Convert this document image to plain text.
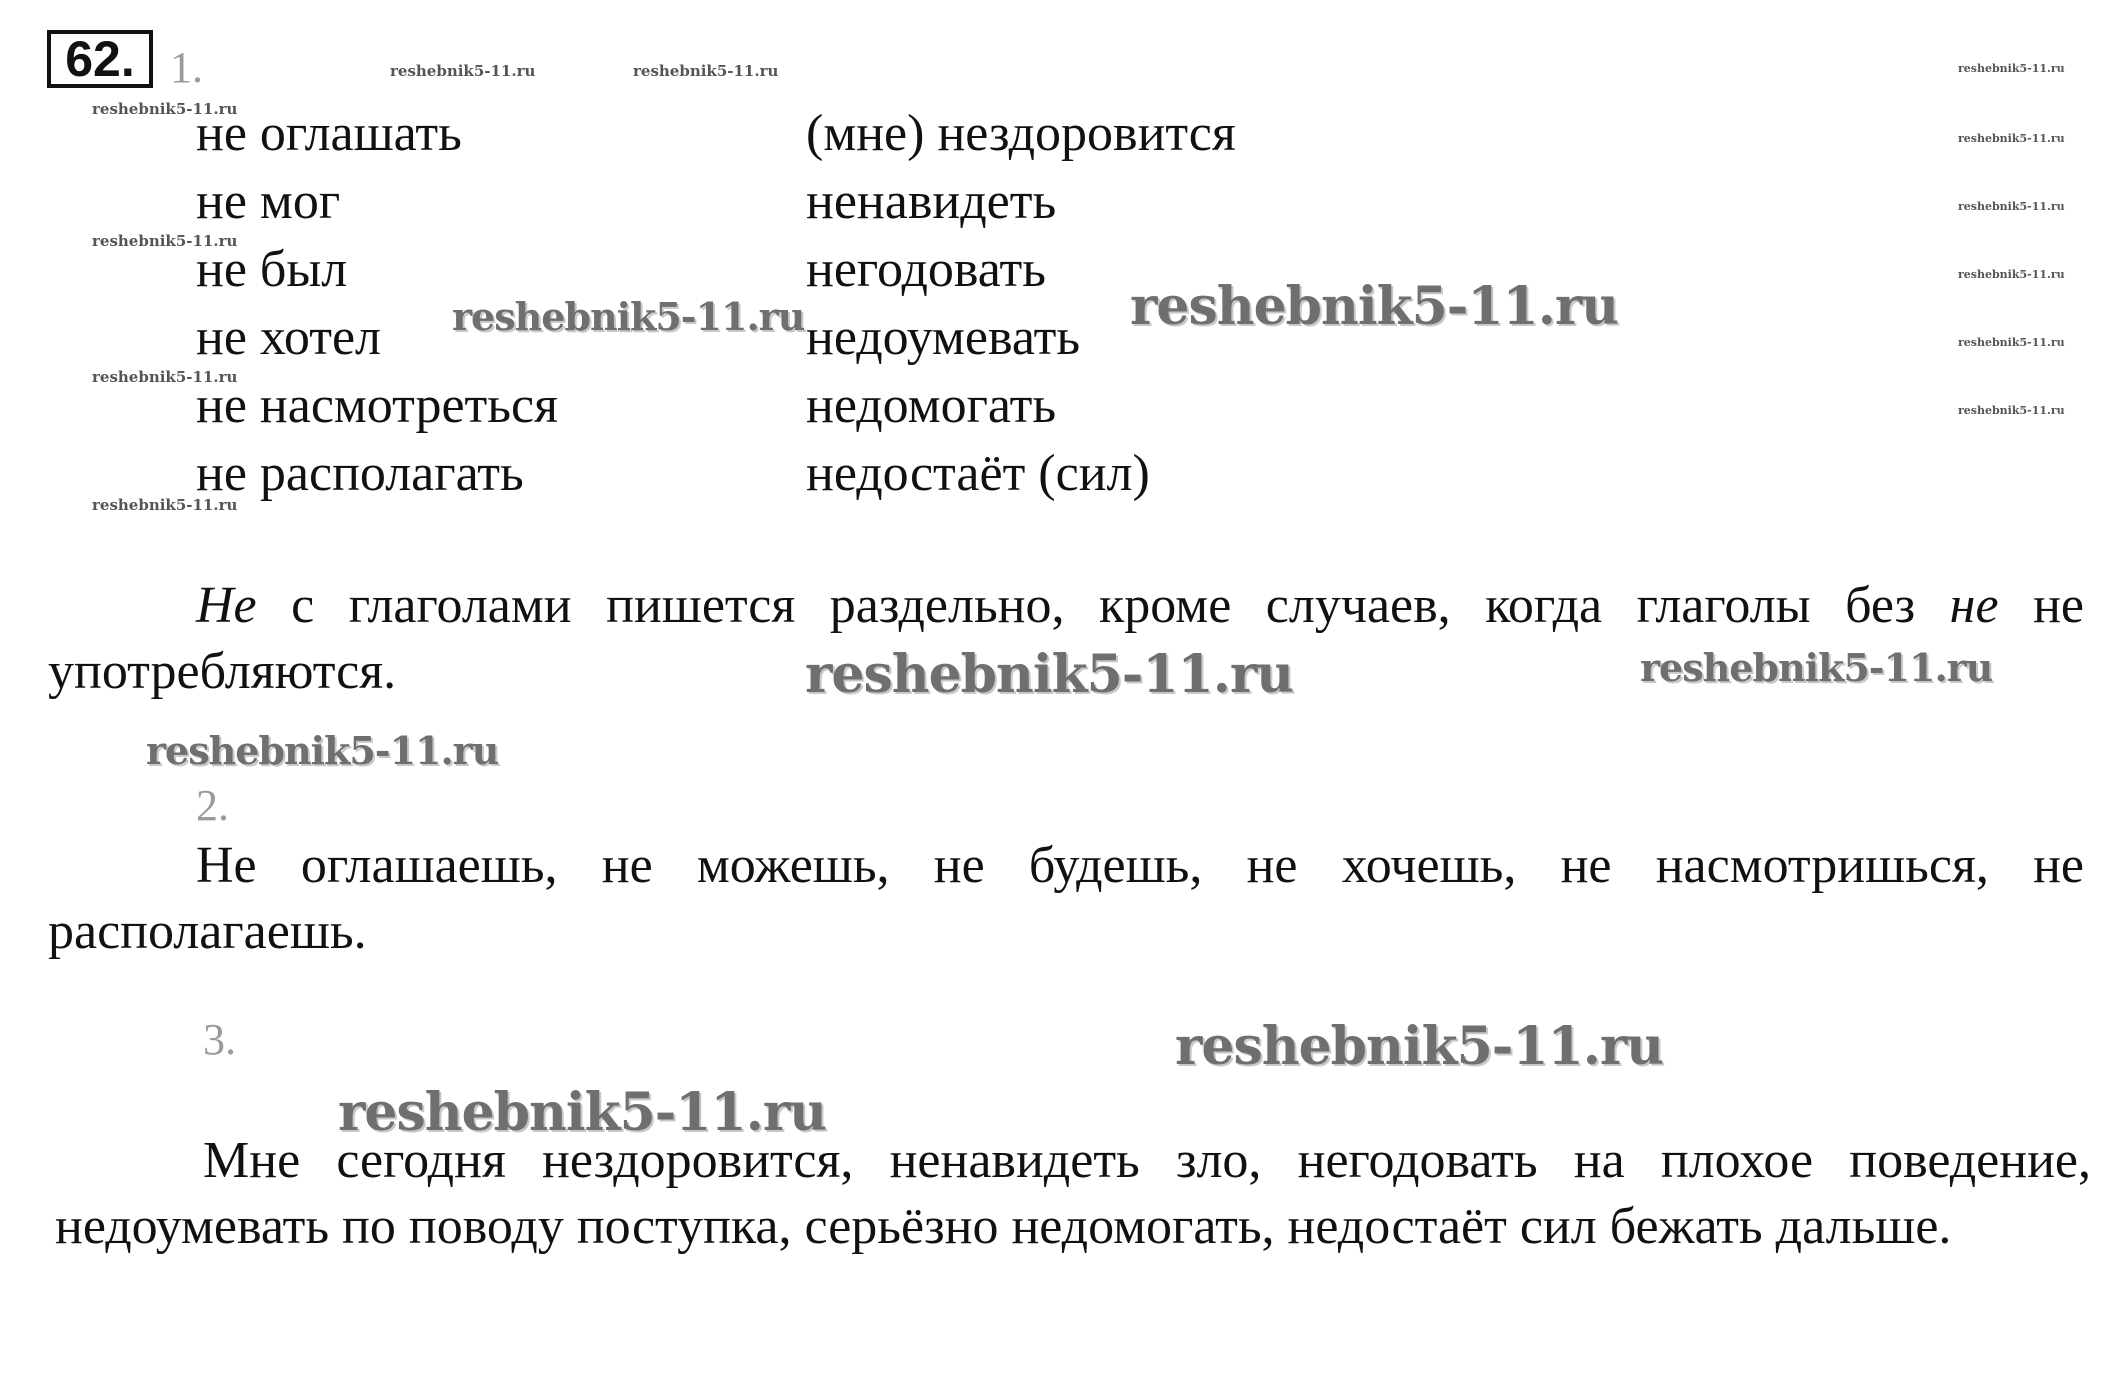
62. 1.
не оглашать
не мог
не был
не хотел
не насмотреться
не располагать
(мне) нездоровится
ненавидеть
негодовать
недоумевать
недомогать
недостаёт (сил)
Не с глаголами пишется раздельно, кроме случаев, когда глаголы без не не употребляются.
2.
Не оглашаешь, не можешь, не будешь, не хочешь, не насмотришься, не располагаешь.
3.
Мне сегодня нездоровится, ненавидеть зло, негодовать на плохое поведение, недоумевать по поводу поступка, серьёзно недомогать, недостаёт сил бежать дальше.
reshebnik5-11.ru
reshebnik5-11.ru
reshebnik5-11.ru	reshebnik5-11.ru
reshebnik5-11.ru
reshebnik5-11.ru
reshebnik5-11.ru
reshebnik5-11.ru	reshebnik5-11.ru
reshebnik5-11.ru
reshebnik5-11.ru
reshebnik5-11.ru
reshebnik5-11.ru
reshebnik5-11.ru
reshebnik5-11.ru
reshebnik5-11.ru
reshebnik5-11.ru
reshebnik5-11.ru
reshebnik5-11.ru
